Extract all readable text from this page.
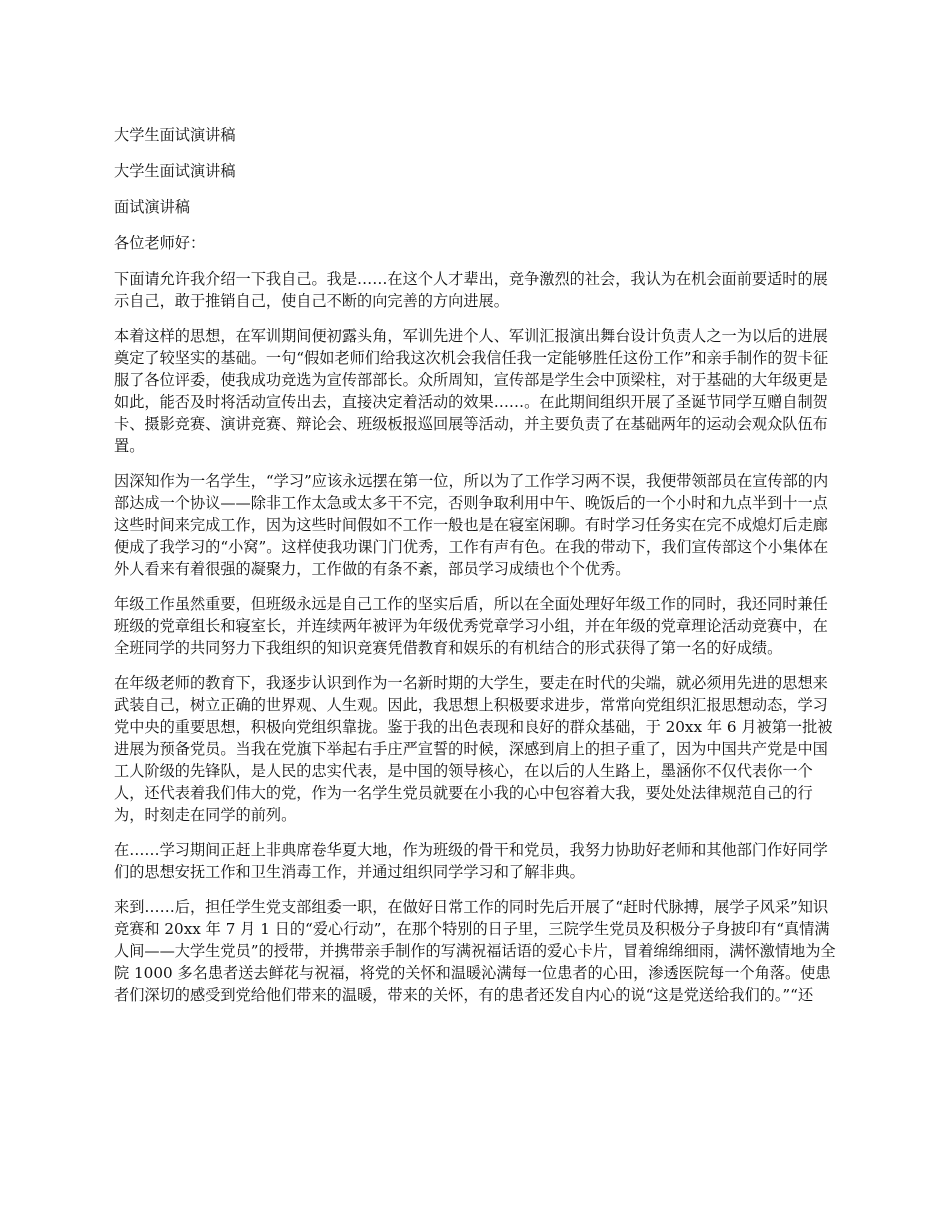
大学生面试演讲稿

大学生面试演讲稿

面试演讲稿

各位老师好：

下面请允许我介绍一下我自己。我是……在这个人才辈出，竞争激烈的社会，我认为在机会面前要适时的展示自己，敢于推销自己，使自己不断的向完善的方向进展。

本着这样的思想，在军训期间便初露头角，军训先进个人、军训汇报演出舞台设计负责人之一为以后的进展奠定了较坚实的基础。一句“假如老师们给我这次机会我信任我一定能够胜任这份工作”和亲手制作的贺卡征服了各位评委，使我成功竞选为宣传部部长。众所周知，宣传部是学生会中顶梁柱，对于基础的大年级更是如此，能否及时将活动宣传出去，直接决定着活动的效果……。在此期间组织开展了圣诞节同学互赠自制贺卡、摄影竞赛、演讲竞赛、辩论会、班级板报巡回展等活动，并主要负责了在基础两年的运动会观众队伍布置。

因深知作为一名学生，“学习”应该永远摆在第一位，所以为了工作学习两不误，我便带领部员在宣传部的内部达成一个协议——除非工作太急或太多干不完，否则争取利用中午、晚饭后的一个小时和九点半到十一点这些时间来完成工作，因为这些时间假如不工作一般也是在寝室闲聊。有时学习任务实在完不成熄灯后走廊便成了我学习的“小窝”。这样使我功课门门优秀，工作有声有色。在我的带动下，我们宣传部这个小集体在外人看来有着很强的凝聚力，工作做的有条不紊，部员学习成绩也个个优秀。

年级工作虽然重要，但班级永远是自己工作的坚实后盾，所以在全面处理好年级工作的同时，我还同时兼任班级的党章组长和寝室长，并连续两年被评为年级优秀党章学习小组，并在年级的党章理论活动竞赛中，在全班同学的共同努力下我组织的知识竞赛凭借教育和娱乐的有机结合的形式获得了第一名的好成绩。

在年级老师的教育下，我逐步认识到作为一名新时期的大学生，要走在时代的尖端，就必须用先进的思想来武装自己，树立正确的世界观、人生观。因此，我思想上积极要求进步，常常向党组织汇报思想动态，学习党中央的重要思想，积极向党组织靠拢。鉴于我的出色表现和良好的群众基础，于 20xx 年 6 月被第一批被进展为预备党员。当我在党旗下举起右手庄严宣誓的时候，深感到肩上的担子重了，因为中国共产党是中国工人阶级的先锋队，是人民的忠实代表，是中国的领导核心，在以后的人生路上，墨涵你不仅代表你一个人，还代表着我们伟大的党，作为一名学生党员就要在小我的心中包容着大我，要处处法律规范自己的行为，时刻走在同学的前列。

在……学习期间正赶上非典席卷华夏大地，作为班级的骨干和党员，我努力协助好老师和其他部门作好同学们的思想安抚工作和卫生消毒工作，并通过组织同学学习和了解非典。

来到……后，担任学生党支部组委一职，在做好日常工作的同时先后开展了“赶时代脉搏，展学子风采”知识竞赛和 20xx 年 7 月 1 日的“爱心行动”，在那个特别的日子里，三院学生党员及积极分子身披印有“真情满人间——大学生党员”的授带，并携带亲手制作的写满祝福话语的爱心卡片，冒着绵绵细雨，满怀激情地为全院 1000 多名患者送去鲜花与祝福，将党的关怀和温暖沁满每一位患者的心田，渗透医院每一个角落。使患者们深切的感受到党给他们带来的温暖，带来的关怀，有的患者还发自内心的说“这是党送给我们的。”“还
